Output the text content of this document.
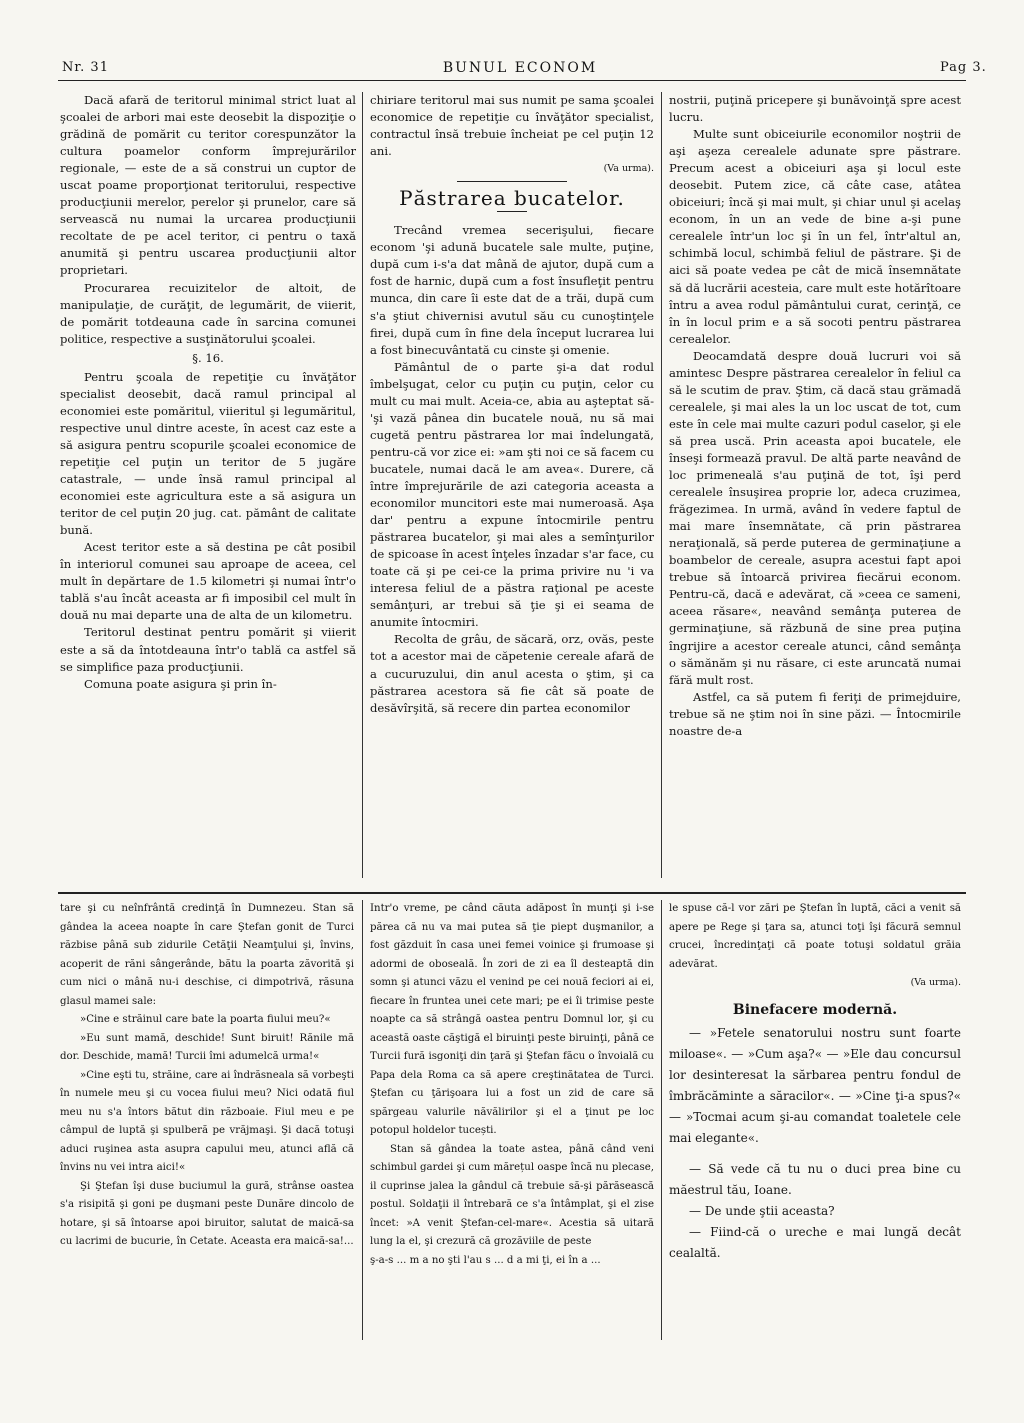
Nr. 31	BUNUL ECONOM	Pag 3.

Dacă afară de teritorul minimal strict luat al şcoalei de arbori mai este deosebit la dispoziţie o grădină de pomărit cu teritor corespunzător la cultura poamelor conform împrejurărilor regionale, — este de a să construi un cuptor de uscat poame proporţionat teritorului, respective producţiunii merelor, perelor şi prunelor, care să servească nu numai la urcarea producţiunii recoltate de pe acel teritor, ci pentru o taxă anumită şi pentru uscarea producţiunii altor proprietari.

Procurarea recuizitelor de altoit, de manipulaţie, de curăţit, de legumărit, de viierit, de pomărit totdeauna cade în sarcina comunei politice, respective a susţinătorului şcoalei.

§. 16.

Pentru şcoala de repetiţie cu învăţător specialist deosebit, dacă ramul principal al economiei este pomăritul, viieritul şi legumăritul, respective unul dintre aceste, în acest caz este a să asigura pentru scopurile şcoalei economice de repetiţie cel puţin un teritor de 5 jugăre catastrale, — unde însă ramul principal al economiei este agricultura este a să asigura un teritor de cel puţin 20 jug. cat. pământ de calitate bună.

Acest teritor este a să destina pe cât posibil în interiorul comunei sau aproape de aceea, cel mult în depărtare de 1.5 kilometri şi numai într'o tablă s'au încât aceasta ar fi imposibil cel mult în două nu mai departe una de alta de un kilometru.

Teritorul destinat pentru pomărit şi viierit este a să da întotdeauna într'o tablă ca astfel să se simplifice paza producţiunii.

Comuna poate asigura şi prin în-

chiriare teritorul mai sus numit pe sama şcoalei economice de repetiţie cu învăţător specialist, contractul însă trebuie încheiat pe cel puţin 12 ani.

(Va urma).

Păstrarea bucatelor.

Trecând vremea secerişului, fiecare econom 'şi adună bucatele sale multe, puţine, după cum i-s'a dat mână de ajutor, după cum a fost de harnic, după cum a fost însufleţit pentru munca, din care îi este dat de a trăi, după cum s'a ştiut chivernisi avutul său cu cunoştinţele firei, după cum în fine dela început lucrarea lui a fost binecuvântată cu cinste şi omenie.

Pământul de o parte şi-a dat rodul îmbelşugat, celor cu puţin cu puţin, celor cu mult cu mai mult. Aceia-ce, abia au aşteptat să-'şi vază pânea din bucatele nouă, nu să mai cugetă pentru păstrarea lor mai îndelungată, pentru-că vor zice ei: »am şti noi ce să facem cu bucatele, numai dacă le am avea«. Durere, că între împrejurările de azi categoria aceasta a economilor muncitori este mai numeroasă. Aşa dar' pentru a expune întocmirile pentru păstrarea bucatelor, şi mai ales a semînţurilor de spicoase în acest înţeles înzadar s'ar face, cu toate că şi pe cei-ce la prima privire nu 'i va interesa feliul de a păstra raţional pe aceste semânţuri, ar trebui să ţie şi ei seama de anumite întocmiri.

Recolta de grâu, de săcară, orz, ovăs, peste tot a acestor mai de căpetenie cereale afară de a cucuruzului, din anul acesta o ştim, şi ca păstrarea acestora să fie cât să poate de desăvîrşită, să recere din partea economilor

nostrii, puţină pricepere şi bunăvoinţă spre acest lucru.

Multe sunt obiceiurile economilor noştrii de aşi aşeza cerealele adunate spre păstrare. Precum acest a obiceiuri aşa şi locul este deosebit. Putem zice, că câte case, atâtea obiceiuri; încă şi mai mult, şi chiar unul şi acelaş econom, în un an vede de bine a-şi pune cerealele într'un loc şi în un fel, într'altul an, schimbă locul, schimbă feliul de păstrare. Şi de aici să poate vedea pe cât de mică însemnătate să dă lucrării acesteia, care mult este hotărîtoare întru a avea rodul pământului curat, cerinţă, ce în în locul prim e a să socoti pentru păstrarea cerealelor.

Deocamdată despre două lucruri voi să amintesc Despre păstrarea cerealelor în feliul ca să le scutim de prav. Ştim, că dacă stau grămadă cerealele, şi mai ales la un loc uscat de tot, cum este în cele mai multe cazuri podul caselor, şi ele să prea uscă. Prin aceasta apoi bucatele, ele înseşi formează pravul. De altă parte neavând de loc primeneală s'au puţină de tot, îşi perd cerealele însuşirea proprie lor, adeca cruzimea, frăgezimea. In urmă, având în vedere faptul de mai mare însemnătate, că prin păstrarea neraţională, să perde puterea de germinaţiune a boambelor de cereale, asupra acestui fapt apoi trebue să întoarcă privirea fiecărui econom. Pentru-că, dacă e adevărat, că »ceea ce sameni, aceea răsare«, neavând semânţa puterea de germinaţiune, să răzbună de sine prea puţina îngrijire a acestor cereale atunci, când semânţa o sămănăm şi nu răsare, ci este aruncată numai fără mult rost.

Astfel, ca să putem fi feriţi de primejduire, trebue să ne ştim noi în sine păzi. — Întocmirile noastre de-a

tare şi cu neînfrântă credinţă în Dumnezeu. Stan să gândea la aceea noapte în care Ştefan gonit de Turci răzbise până sub zidurile Cetăţii Neamţului şi, învins, acoperit de răni sângerânde, bătu la poarta zăvorită şi cum nici o mână nu-i deschise, ci dimpotrivă, răsuna glasul mamei sale:

»Cine e străinul care bate la poarta fiului meu?«

»Eu sunt mamă, deschide! Sunt biruit! Rănile mă dor. Deschide, mamă! Turcii îmi adumelcă urma!«

»Cine eşti tu, străine, care ai îndrăsneala să vorbeşti în numele meu şi cu vocea fiului meu? Nici odată fiul meu nu s'a întors bătut din războaie. Fiul meu e pe câmpul de luptă şi spulberă pe vrăjmaşi. Şi dacă totuşi aduci ruşinea asta asupra capului meu, atunci află că învins nu vei intra aici!«

Şi Ştefan îşi duse buciumul la gură, strânse oastea s'a risipită şi goni pe duşmani peste Dunăre dincolo de hotare, şi să întoarse apoi biruitor, salutat de maică-sa cu lacrimi de bucurie, în Cetate. Aceasta era maică-sa!...

Intr'o vreme, pe când căuta adăpost în munţi şi i-se părea că nu va mai putea să ţie piept duşmanilor, a fost găzduit în casa unei femei voinice şi frumoase şi adormi de oboseală. În zori de zi ea îl desteaptă din somn şi atunci văzu el venind pe cei nouă feciori ai ei, fiecare în fruntea unei cete mari; pe ei îi trimise peste noapte ca să strângă oastea pentru Domnul lor, şi cu această oaste căştigă el biruinţi peste biruinţi, până ce Turcii fură isgoniţi din ţară şi Ştefan făcu o învoială cu Papa dela Roma ca să apere creştinătatea de Turci. Ştefan cu ţărişoara lui a fost un zid de care să spărgeau valurile năvălirilor şi el a ţinut pe loc potopul holdelor tucești.

Stan să gândea la toate astea, până când veni schimbul gardei şi cum mărețul oaspe încă nu plecase, il cuprinse jalea la gândul că trebuie să-şi părăsească postul. Soldaţii il întrebară ce s'a întâmplat, şi el zise încet: »A venit Ştefan-cel-mare«. Acestia să uitară lung la el, şi crezură că grozăviile de peste

ş-a-s ... m a no şti l'au s ... d a mi ţi, ei în a ...

le spuse că-l vor zări pe Ştefan în luptă, căci a venit să apere pe Rege şi ţara sa, atunci toţi îşi făcură semnul crucei, încredinţaţi că poate totuşi soldatul grăia adevărat.

(Va urma).

Binefacere modernă.

— »Fetele senatorului nostru sunt foarte miloase«. — »Cum aşa?« — »Ele dau concursul lor desinteresat la sărbarea pentru fondul de îmbrăcăminte a săracilor«. — »Cine ţi-a spus?« — »Tocmai acum şi-au comandat toaletele cele mai elegante«.

— Să vede că tu nu o duci prea bine cu măestrul tău, Ioane.

— De unde ştii aceasta?

— Fiind-că o ureche e mai lungă decât cealaltă.
